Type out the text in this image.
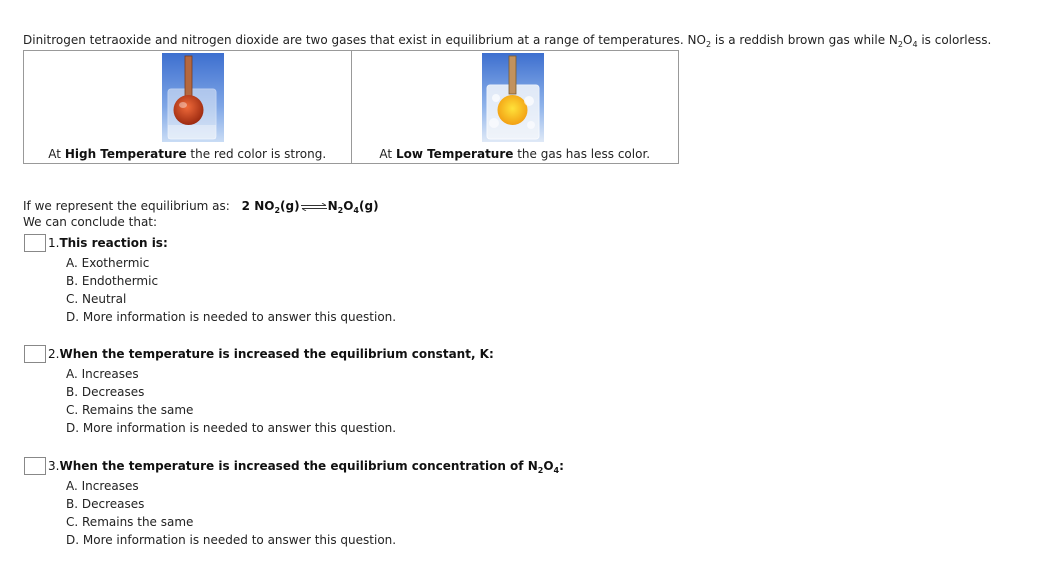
Dinitrogen tetraoxide and nitrogen dioxide are two gases that exist in equilibrium at a range of temperatures. $NO_2$ is a reddish brown gas while $N_2O_4$ is colorless.
At High Temperature the red color is strong.	At Low Temperature the gas has less color.
If we represent the equilibrium as: 2 $NO_2(g)\rightleftharpoons N_2O_4(g)$
We can conclude that:
1. This reaction is:
A. Exothermic
B. Endothermic
C. Neutral
D. More information is needed to answer this question.
2. When the temperature is increased the equilibrium constant, K:
A. Increases
B. Decreases
C. Remains the same
D. More information is needed to answer this question.
3. When the temperature is increased the equilibrium concentration of $N_2O_4$:
A. Increases
B. Decreases
C. Remains the same
D. More information is needed to answer this question.
